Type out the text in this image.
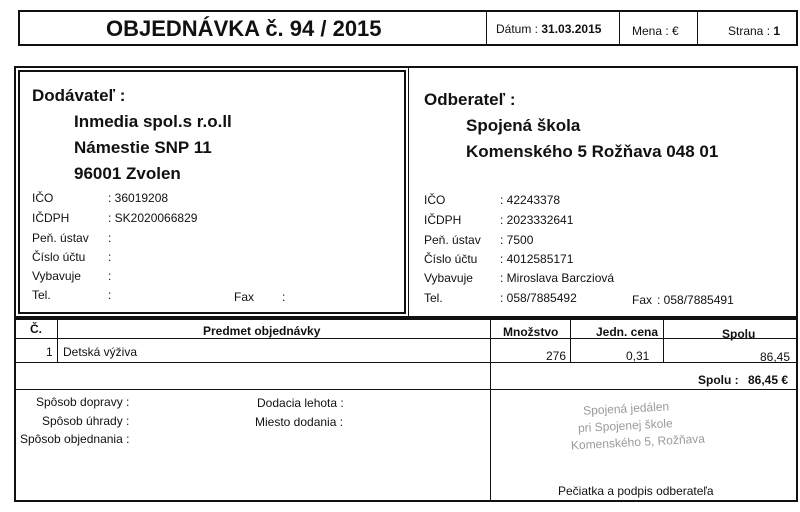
OBJEDNÁVKA č. 94 / 2015	Dátum : 31.03.2015	Mena : €	Strana : 1
Dodávateľ :
Inmedia spol.s r.o.ll
Námestie SNP 11
96001 Zvolen
IČO	: 36019208
IČDPH	: SK2020066829
Peň. ústav :
Číslo účtu :
Vybavuje :
Tel.	:	Fax :
Odberateľ :
Spojená škola
Komenského 5 Rožňava 048 01
IČO	: 42243378
IČDPH	: 2023332641
Peň. ústav : 7500
Číslo účtu : 4012585171
Vybavuje : Miroslava Barcziová
Tel.	: 058/7885492	Fax : 058/7885491
Č.	Predmet objednávky	Množstvo	Jedn. cena	Spolu
1 Detská výživa	276	0,31	86,45
Spolu : 86,45 €
Spôsob dopravy :
Spôsob úhrady :
Spôsob objednania :
Dodacia lehota :
Miesto dodania :
Spojená jedálen
pri Spojenej škole
Komenského 5, Rožňava
Pečiatka a podpis odberateľa
